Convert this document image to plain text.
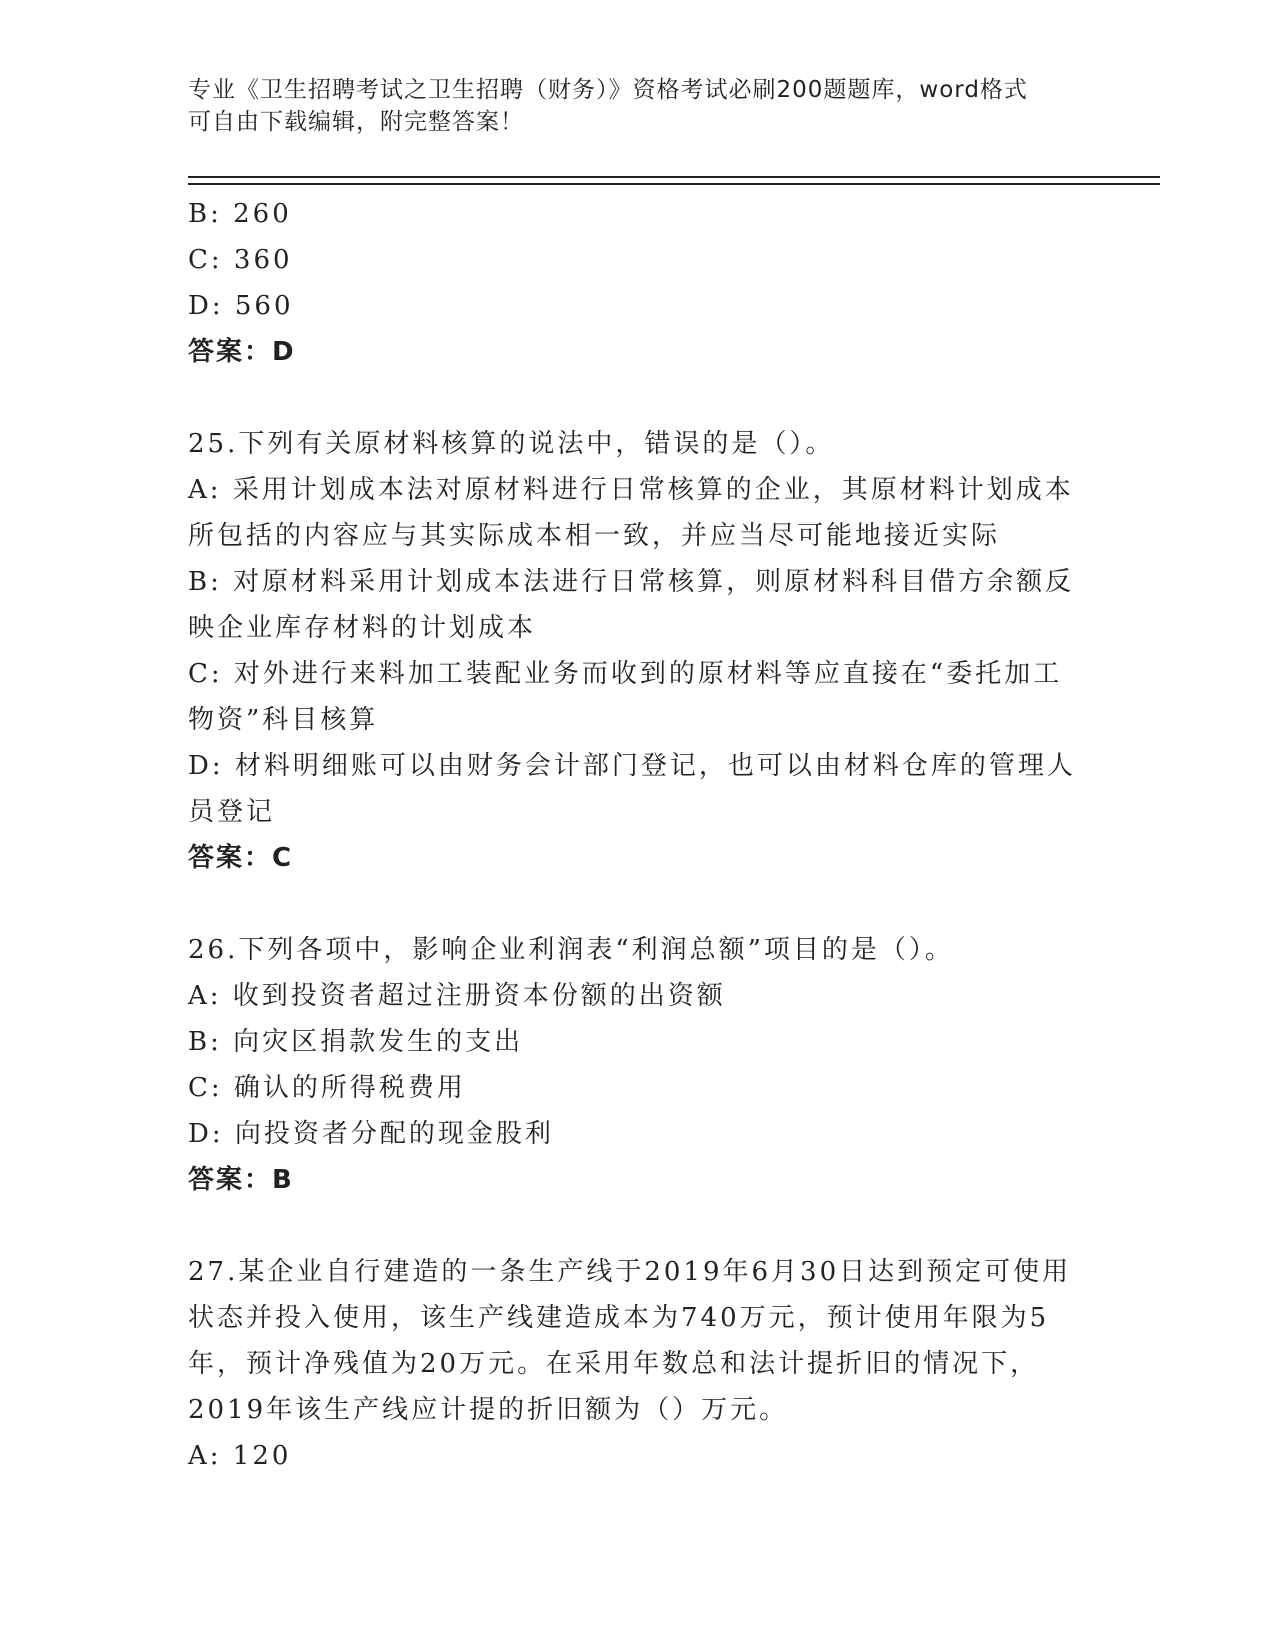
专业《卫生招聘考试之卫生招聘（财务）》资格考试必刷200题题库，word格式
可自由下载编辑，附完整答案！
B: 260
C: 360
D: 560
答案：D
25.下列有关原材料核算的说法中，错误的是（）。
A: 采用计划成本法对原材料进行日常核算的企业，其原材料计划成本
所包括的内容应与其实际成本相一致，并应当尽可能地接近实际
B: 对原材料采用计划成本法进行日常核算，则原材料科目借方余额反
映企业库存材料的计划成本
C: 对外进行来料加工装配业务而收到的原材料等应直接在“委托加工
物资”科目核算
D: 材料明细账可以由财务会计部门登记，也可以由材料仓库的管理人
员登记
答案：C
26.下列各项中，影响企业利润表“利润总额”项目的是（）。
A: 收到投资者超过注册资本份额的出资额
B: 向灾区捐款发生的支出
C: 确认的所得税费用
D: 向投资者分配的现金股利
答案：B
27.某企业自行建造的一条生产线于2019年6月30日达到预定可使用
状态并投入使用，该生产线建造成本为740万元，预计使用年限为5
年，预计净残值为20万元。在采用年数总和法计提折旧的情况下，
2019年该生产线应计提的折旧额为（）万元。
A: 120
